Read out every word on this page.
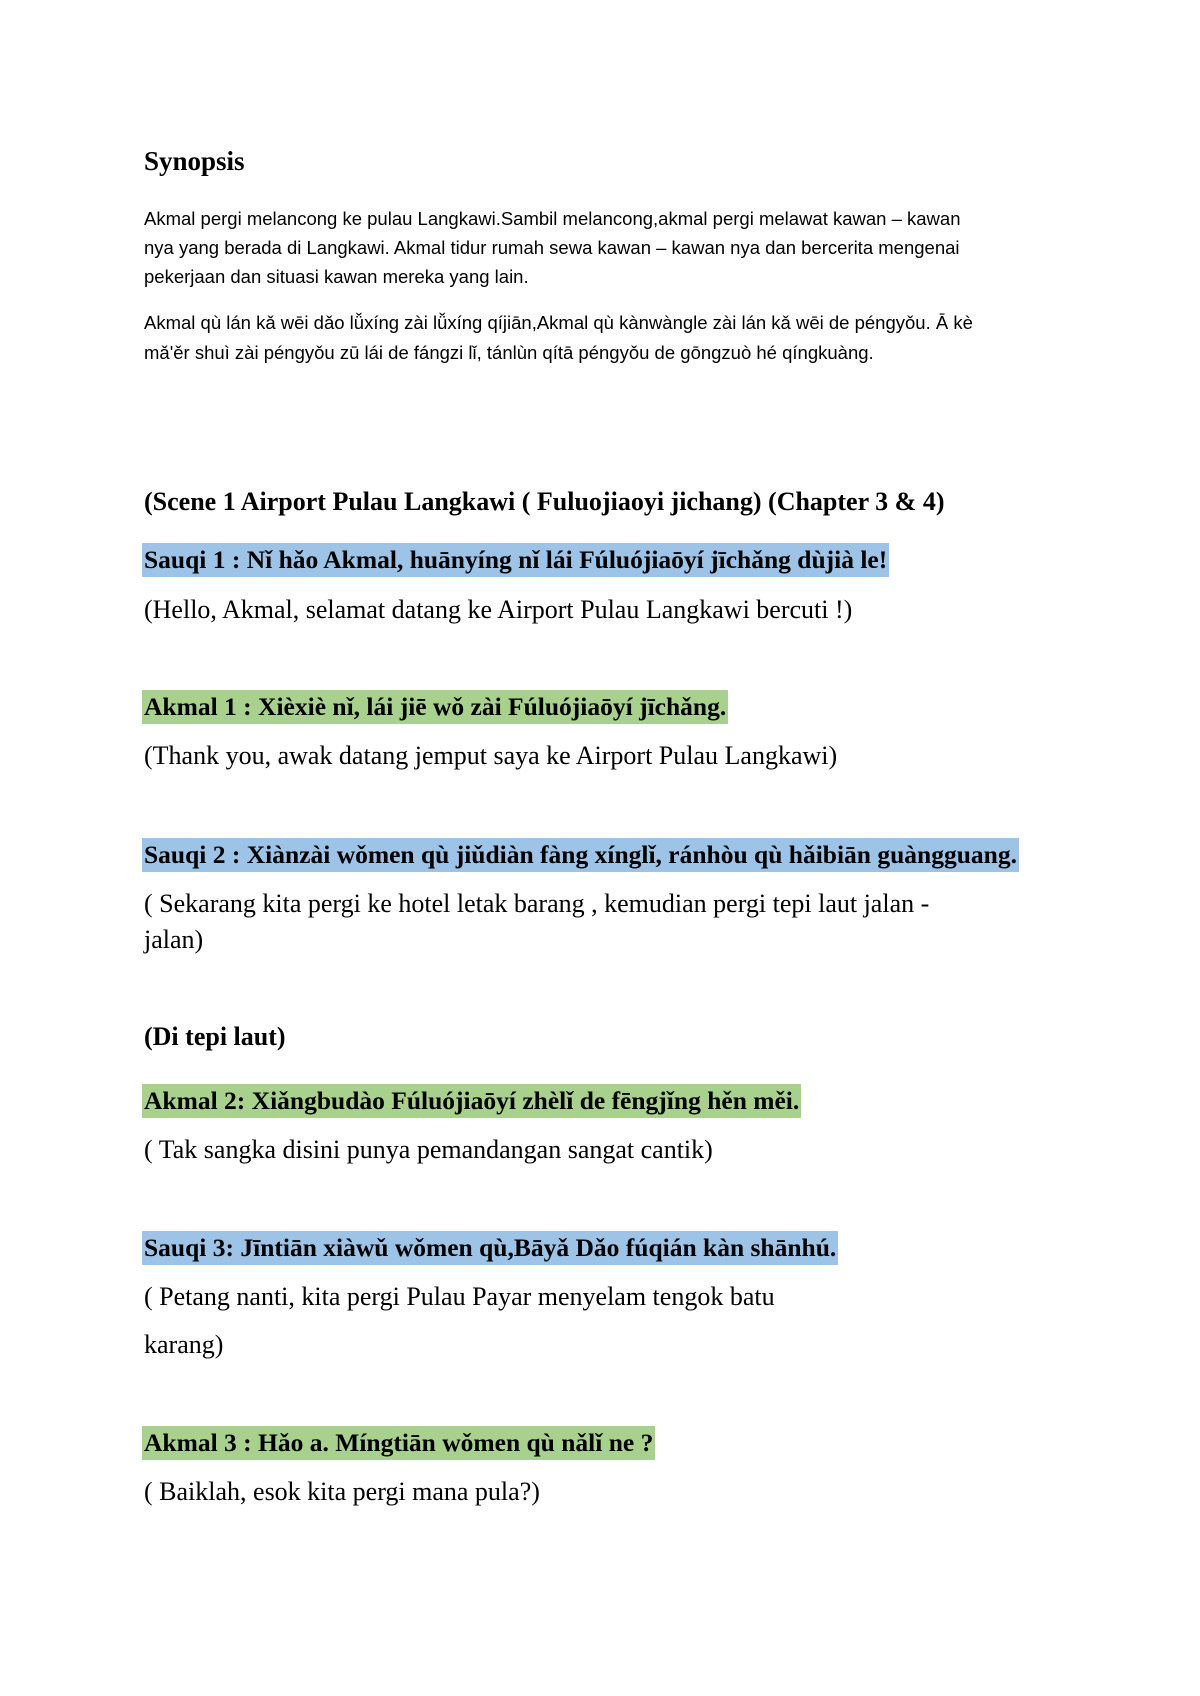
Synopsis
Akmal pergi melancong ke pulau Langkawi.Sambil melancong,akmal pergi melawat kawan – kawan
nya yang berada di Langkawi. Akmal tidur rumah sewa kawan – kawan nya dan bercerita mengenai
pekerjaan dan situasi kawan mereka yang lain.
Akmal qù lán kǎ wēi dǎo lǚxíng zài lǚxíng qíjiān,Akmal qù kànwàngle zài lán kǎ wēi de péngyǒu. Ā kè
mǎ'ěr shuì zài péngyǒu zū lái de fángzi lǐ, tánlùn qítā péngyǒu de gōngzuò hé qíngkuàng.
(Scene 1 Airport Pulau Langkawi ( Fuluojiaoyi jichang) (Chapter 3 & 4)
Sauqi 1 : Nǐ hǎo Akmal, huānyíng nǐ lái Fúluójiaōyí jīchǎng dùjià le!
(Hello, Akmal, selamat datang ke Airport Pulau Langkawi bercuti !)
Akmal 1 : Xièxiè nǐ, lái jiē wǒ zài Fúluójiaōyí jīchǎng.
(Thank you, awak datang jemput saya ke Airport Pulau Langkawi)
Sauqi 2 : Xiànzài wǒmen qù jiǔdiàn fàng xínglǐ, ránhòu qù hǎibiān guàngguang.
( Sekarang kita pergi ke hotel letak barang , kemudian pergi tepi laut jalan -
jalan)
(Di tepi laut)
Akmal 2: Xiǎngbudào Fúluójiaōyí zhèlǐ de fēngjǐng hěn měi.
( Tak sangka disini punya pemandangan sangat cantik)
Sauqi 3: Jīntiān xiàwǔ wǒmen qù,Bāyǎ Dǎo fúqián kàn shānhú.
( Petang nanti, kita pergi Pulau Payar menyelam tengok batu
karang)
Akmal 3 : Hǎo a. Míngtiān wǒmen qù nǎlǐ ne ?
( Baiklah, esok kita pergi mana pula?)
